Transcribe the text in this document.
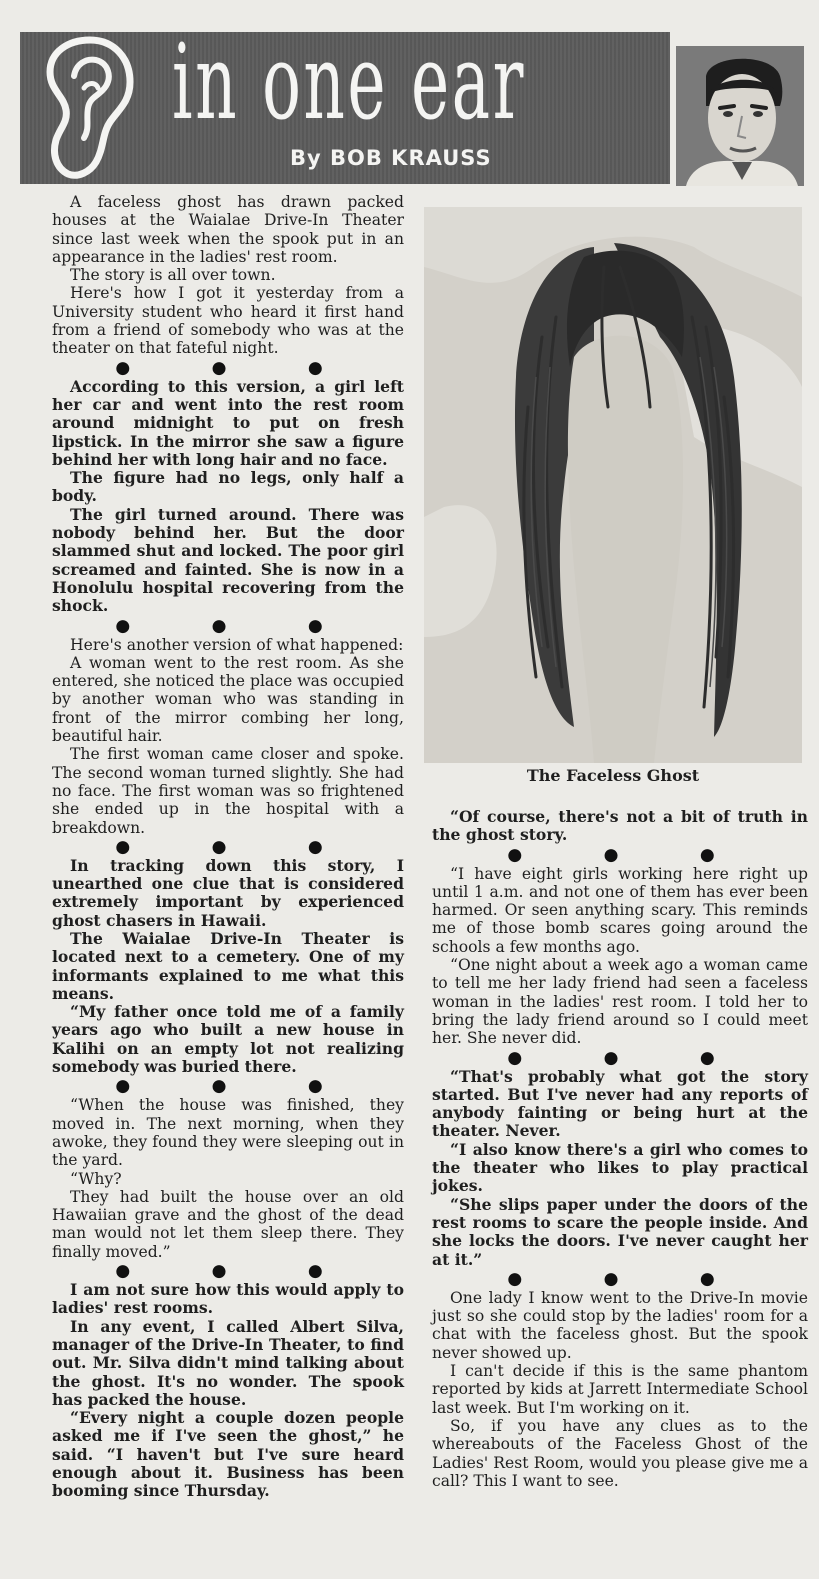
in one ear
By BOB KRAUSS

A faceless ghost has drawn packed houses at the Waialae Drive-In Theater since last week when the spook put in an appearance in the ladies' rest room.

The story is all over town.

Here's how I got it yesterday from a University student who heard it first hand from a friend of somebody who was at the theater on that fateful night.

● ● ●

According to this version, a girl left her car and went into the rest room around midnight to put on fresh lipstick. In the mirror she saw a figure behind her with long hair and no face.

The figure had no legs, only half a body.

The girl turned around. There was nobody behind her. But the door slammed shut and locked. The poor girl screamed and fainted. She is now in a Honolulu hospital recovering from the shock.

● ● ●

Here's another version of what happened:

A woman went to the rest room. As she entered, she noticed the place was occupied by another woman who was standing in front of the mirror combing her long, beautiful hair.

The first woman came closer and spoke. The second woman turned slightly. She had no face. The first woman was so frightened she ended up in the hospital with a breakdown.

● ● ●

In tracking down this story, I unearthed one clue that is considered extremely important by experienced ghost chasers in Hawaii.

The Waialae Drive-In Theater is located next to a cemetery. One of my informants explained to me what this means.

“My father once told me of a family years ago who built a new house in Kalihi on an empty lot not realizing somebody was buried there.

● ● ●

“When the house was finished, they moved in. The next morning, when they awoke, they found they were sleeping out in the yard.

“Why?

They had built the house over an old Hawaiian grave and the ghost of the dead man would not let them sleep there. They finally moved.”

● ● ●

I am not sure how this would apply to ladies' rest rooms.

In any event, I called Albert Silva, manager of the Drive-In Theater, to find out. Mr. Silva didn't mind talking about the ghost. It's no wonder. The spook has packed the house.

“Every night a couple dozen people asked me if I've seen the ghost,” he said. “I haven't but I've sure heard enough about it. Business has been booming since Thursday.

The Faceless Ghost

“Of course, there's not a bit of truth in the ghost story.

● ● ●

“I have eight girls working here right up until 1 a.m. and not one of them has ever been harmed. Or seen anything scary. This reminds me of those bomb scares going around the schools a few months ago.

“One night about a week ago a woman came to tell me her lady friend had seen a faceless woman in the ladies' rest room. I told her to bring the lady friend around so I could meet her. She never did.

● ● ●

“That's probably what got the story started. But I've never had any reports of anybody fainting or being hurt at the theater. Never.

“I also know there's a girl who comes to the theater who likes to play practical jokes.

“She slips paper under the doors of the rest rooms to scare the people inside. And she locks the doors. I've never caught her at it.”

● ● ●

One lady I know went to the Drive-In movie just so she could stop by the ladies' room for a chat with the faceless ghost. But the spook never showed up.

I can't decide if this is the same phantom reported by kids at Jarrett Intermediate School last week. But I'm working on it.

So, if you have any clues as to the whereabouts of the Faceless Ghost of the Ladies' Rest Room, would you please give me a call? This I want to see.
